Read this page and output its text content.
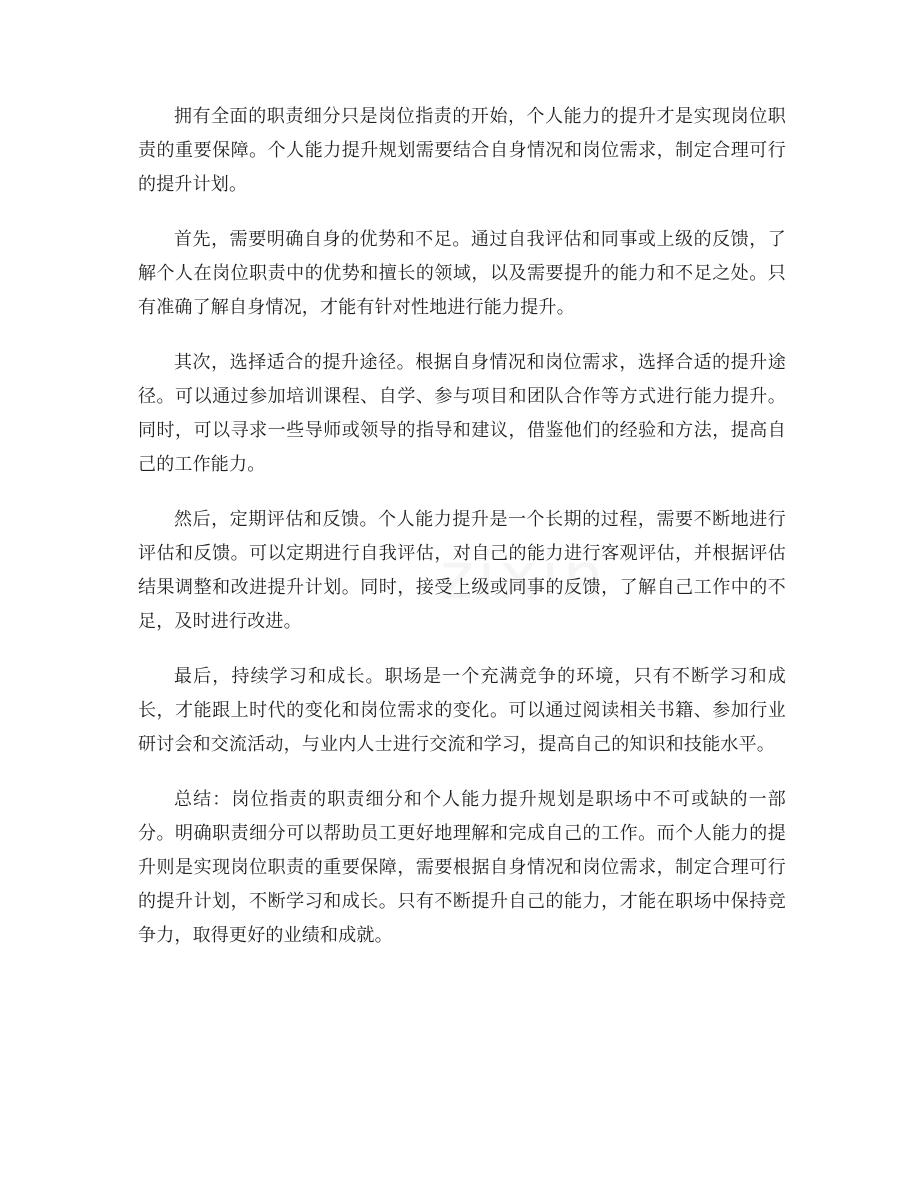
zixin

拥有全面的职责细分只是岗位指责的开始，个人能力的提升才是实现岗位职责的重要保障。个人能力提升规划需要结合自身情况和岗位需求，制定合理可行的提升计划。

首先，需要明确自身的优势和不足。通过自我评估和同事或上级的反馈，了解个人在岗位职责中的优势和擅长的领域，以及需要提升的能力和不足之处。只有准确了解自身情况，才能有针对性地进行能力提升。

其次，选择适合的提升途径。根据自身情况和岗位需求，选择合适的提升途径。可以通过参加培训课程、自学、参与项目和团队合作等方式进行能力提升。同时，可以寻求一些导师或领导的指导和建议，借鉴他们的经验和方法，提高自己的工作能力。

然后，定期评估和反馈。个人能力提升是一个长期的过程，需要不断地进行评估和反馈。可以定期进行自我评估，对自己的能力进行客观评估，并根据评估结果调整和改进提升计划。同时，接受上级或同事的反馈，了解自己工作中的不足，及时进行改进。

最后，持续学习和成长。职场是一个充满竞争的环境，只有不断学习和成长，才能跟上时代的变化和岗位需求的变化。可以通过阅读相关书籍、参加行业研讨会和交流活动，与业内人士进行交流和学习，提高自己的知识和技能水平。

总结：岗位指责的职责细分和个人能力提升规划是职场中不可或缺的一部分。明确职责细分可以帮助员工更好地理解和完成自己的工作。而个人能力的提升则是实现岗位职责的重要保障，需要根据自身情况和岗位需求，制定合理可行的提升计划，不断学习和成长。只有不断提升自己的能力，才能在职场中保持竞争力，取得更好的业绩和成就。
